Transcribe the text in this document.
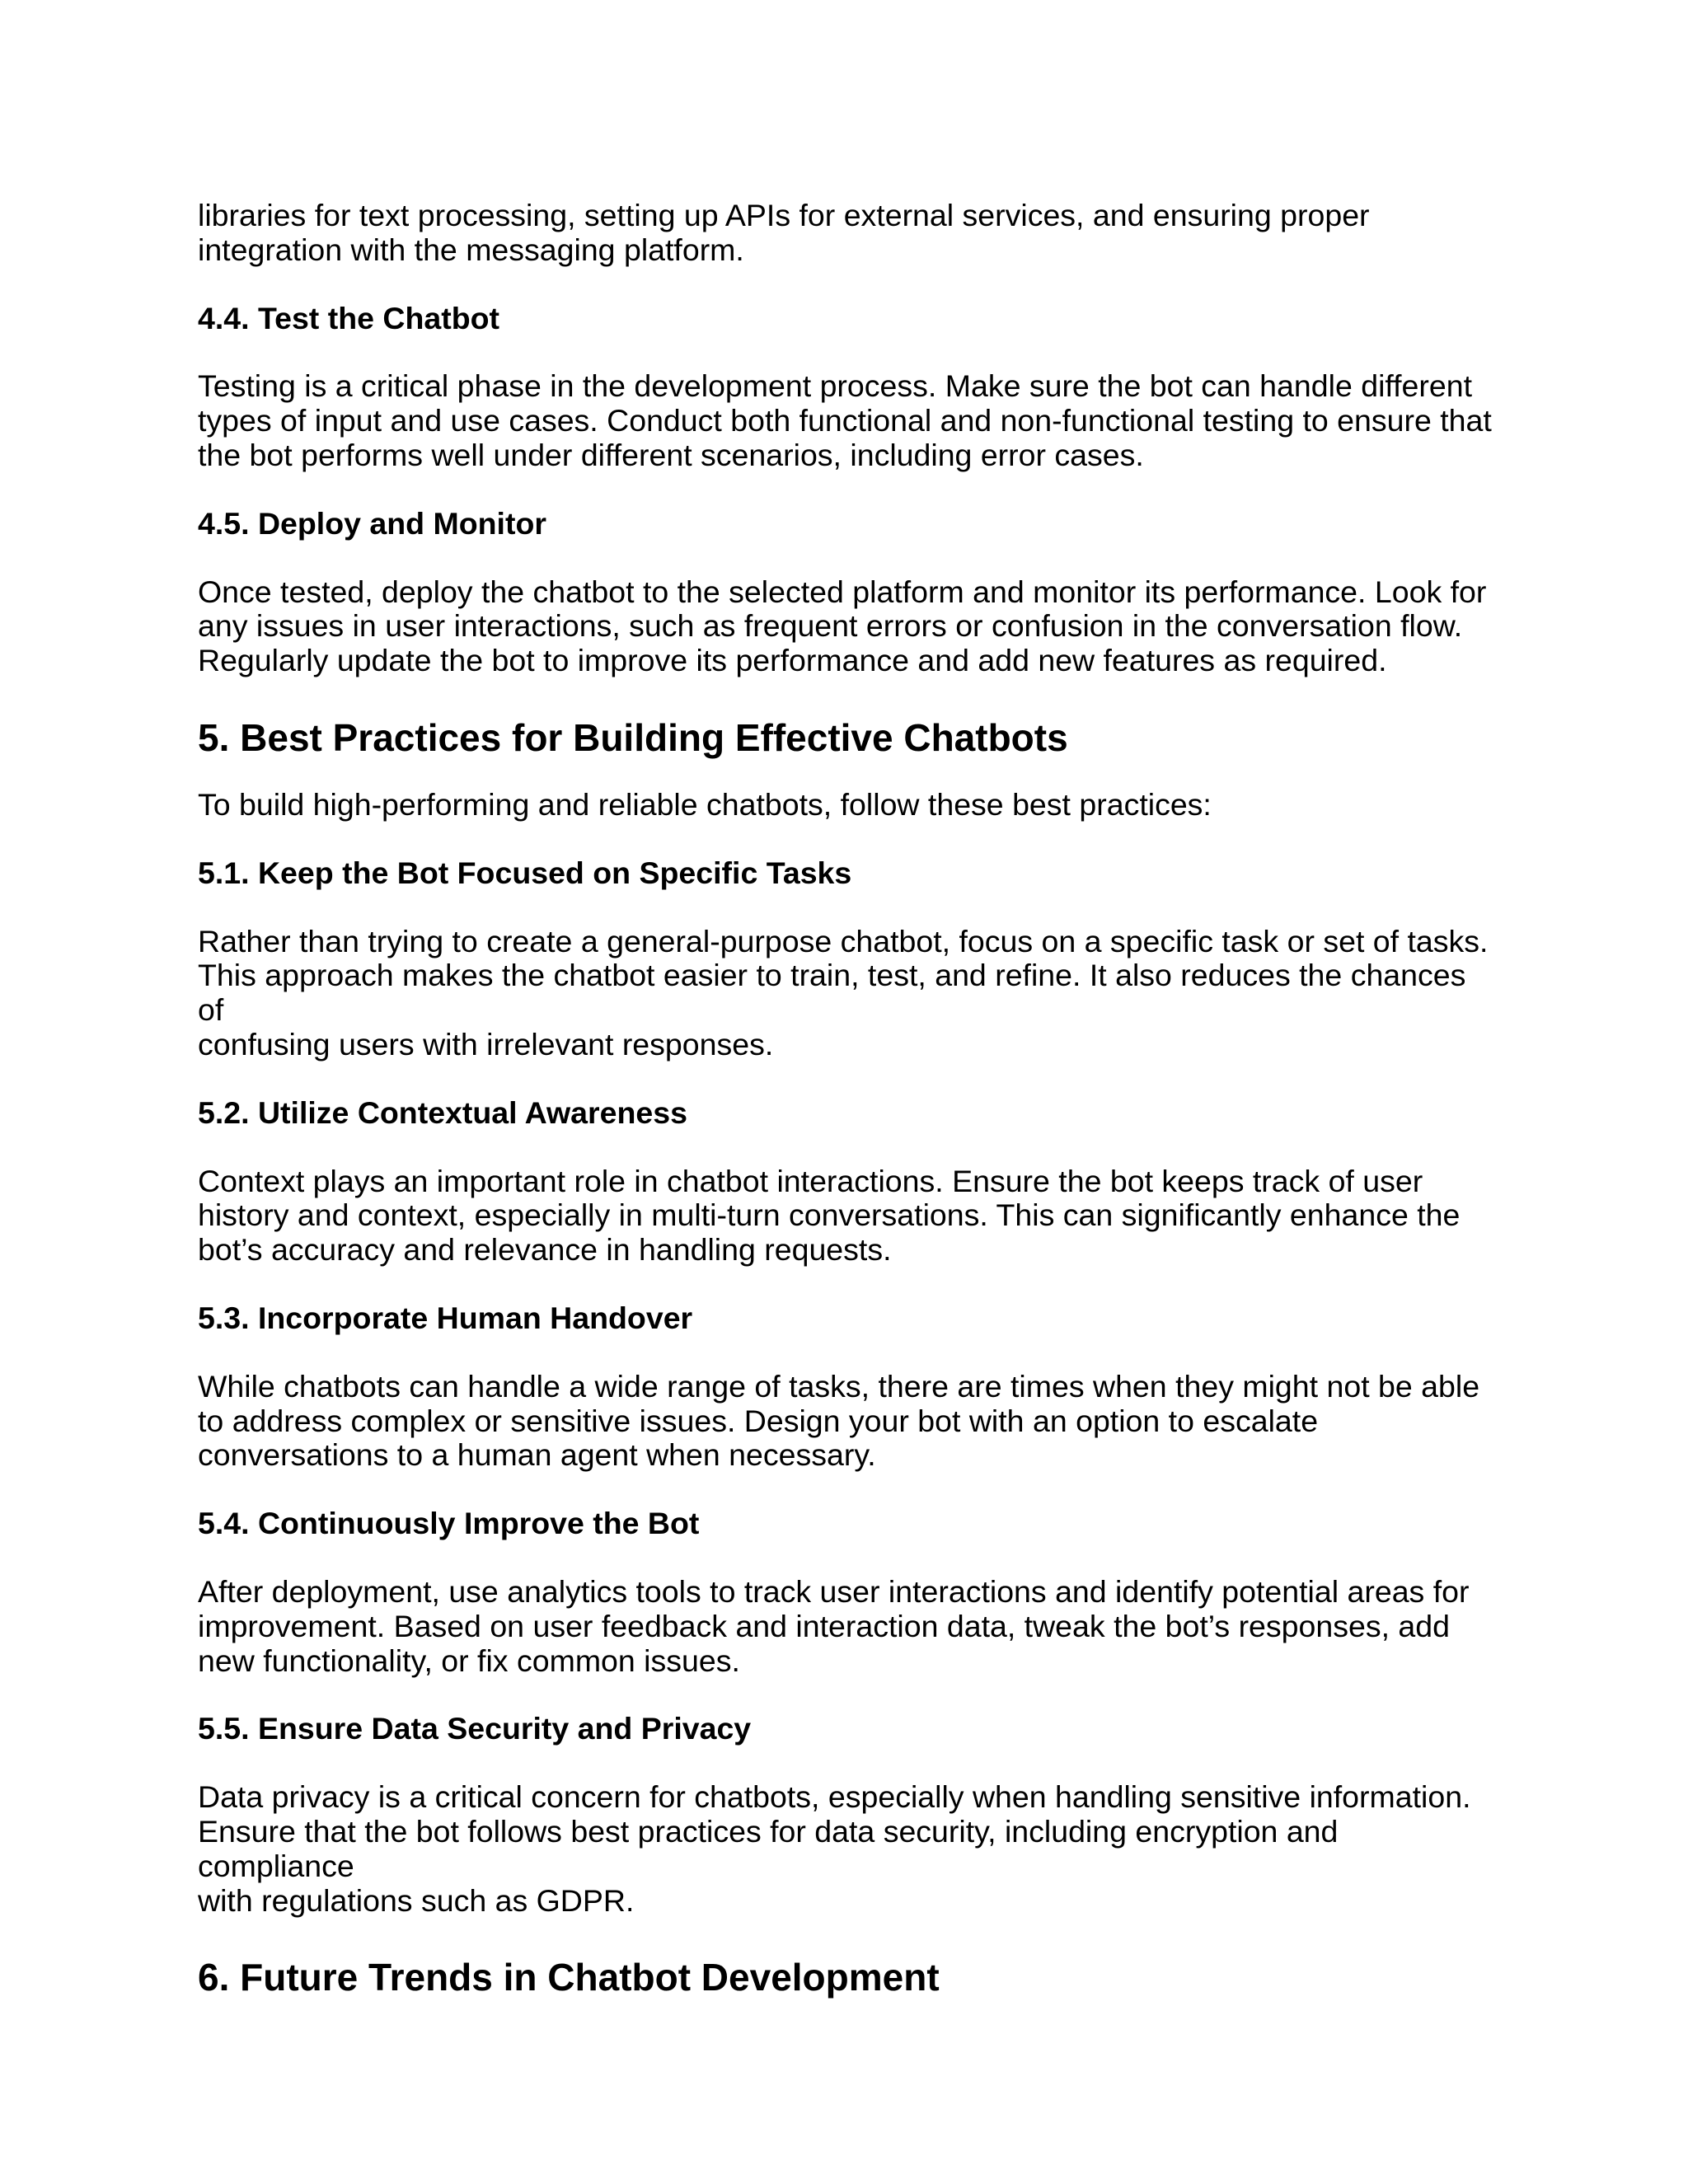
libraries for text processing, setting up APIs for external services, and ensuring proper
integration with the messaging platform.

4.4. Test the Chatbot

Testing is a critical phase in the development process. Make sure the bot can handle different
types of input and use cases. Conduct both functional and non-functional testing to ensure that
the bot performs well under different scenarios, including error cases.

4.5. Deploy and Monitor

Once tested, deploy the chatbot to the selected platform and monitor its performance. Look for
any issues in user interactions, such as frequent errors or confusion in the conversation flow.
Regularly update the bot to improve its performance and add new features as required.

5. Best Practices for Building Effective Chatbots

To build high-performing and reliable chatbots, follow these best practices:

5.1. Keep the Bot Focused on Specific Tasks

Rather than trying to create a general-purpose chatbot, focus on a specific task or set of tasks.
This approach makes the chatbot easier to train, test, and refine. It also reduces the chances of
confusing users with irrelevant responses.

5.2. Utilize Contextual Awareness

Context plays an important role in chatbot interactions. Ensure the bot keeps track of user
history and context, especially in multi-turn conversations. This can significantly enhance the
bot’s accuracy and relevance in handling requests.

5.3. Incorporate Human Handover

While chatbots can handle a wide range of tasks, there are times when they might not be able
to address complex or sensitive issues. Design your bot with an option to escalate
conversations to a human agent when necessary.

5.4. Continuously Improve the Bot

After deployment, use analytics tools to track user interactions and identify potential areas for
improvement. Based on user feedback and interaction data, tweak the bot’s responses, add
new functionality, or fix common issues.

5.5. Ensure Data Security and Privacy

Data privacy is a critical concern for chatbots, especially when handling sensitive information.
Ensure that the bot follows best practices for data security, including encryption and compliance
with regulations such as GDPR.

6. Future Trends in Chatbot Development
